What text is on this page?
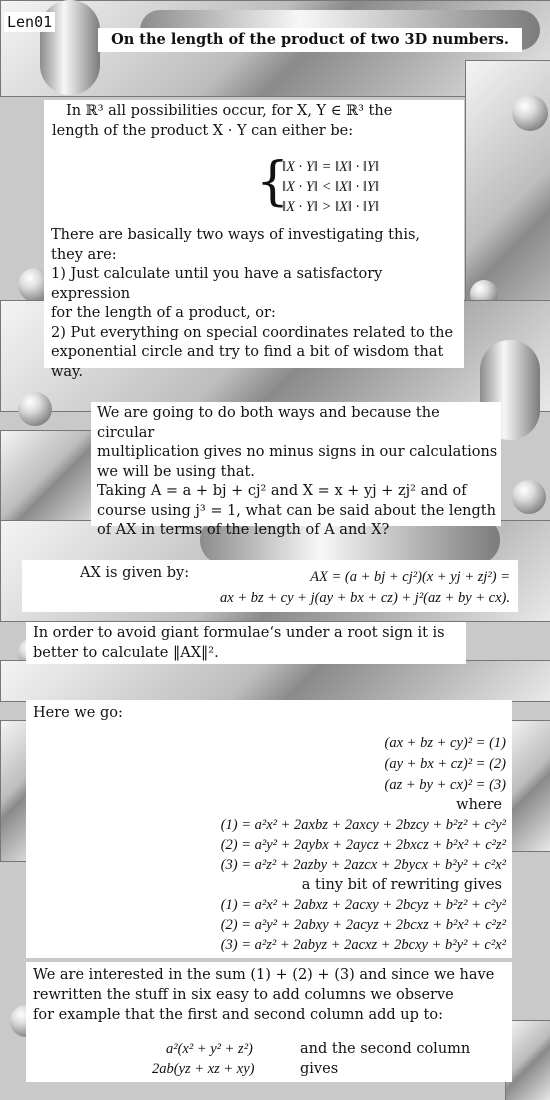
Len01
On the length of the product of two 3D numbers.
In ℝ³ all possibilities occur, for X, Y ∈ ℝ³ the
length of the product X · Y can either be:
{
‖X · Y‖ = ‖X‖ · ‖Y‖
‖X · Y‖ < ‖X‖ · ‖Y‖
‖X · Y‖ > ‖X‖ · ‖Y‖
There are basically two ways of investigating this,
they are:
1) Just calculate until you have a satisfactory expression
for the length of a product, or:
2) Put everything on special coordinates related to the
exponential circle and try to find a bit of wisdom that
way.
We are going to do both ways and because the circular
multiplication gives no minus signs in our calculations
we will be using that.
Taking A = a + bj + cj² and X = x + yj + zj² and of
course using j³ = 1, what can be said about the length
of AX in terms of the length of A and X?
AX is given by:	AX = (a + bj + cj²)(x + yj + zj²) =
ax + bz + cy + j(ay + bx + cz) + j²(az + by + cx).
In order to avoid giant formulae‘s under a root sign it is
better to calculate ‖AX‖².
Here we go:
(ax + bz + cy)² = (1)
(ay + bx + cz)² = (2)
(az + by + cx)² = (3)
where
(1) = a²x² + 2axbz + 2axcy + 2bzcy + b²z² + c²y²
(2) = a²y² + 2aybx + 2aycz + 2bxcz + b²x² + c²z²
(3) = a²z² + 2azby + 2azcx + 2bycx + b²y² + c²x²
a tiny bit of rewriting gives
(1) = a²x² + 2abxz + 2acxy + 2bcyz + b²z² + c²y²
(2) = a²y² + 2abxy + 2acyz + 2bcxz + b²x² + c²z²
(3) = a²z² + 2abyz + 2acxz + 2bcxy + b²y² + c²x²
We are interested in the sum (1) + (2) + (3) and since we have
rewritten the stuff in six easy to add columns we observe
for example that the first and second column add up to:
a²(x² + y² + z²)
2ab(yz + xz + xy)
and the second column gives
